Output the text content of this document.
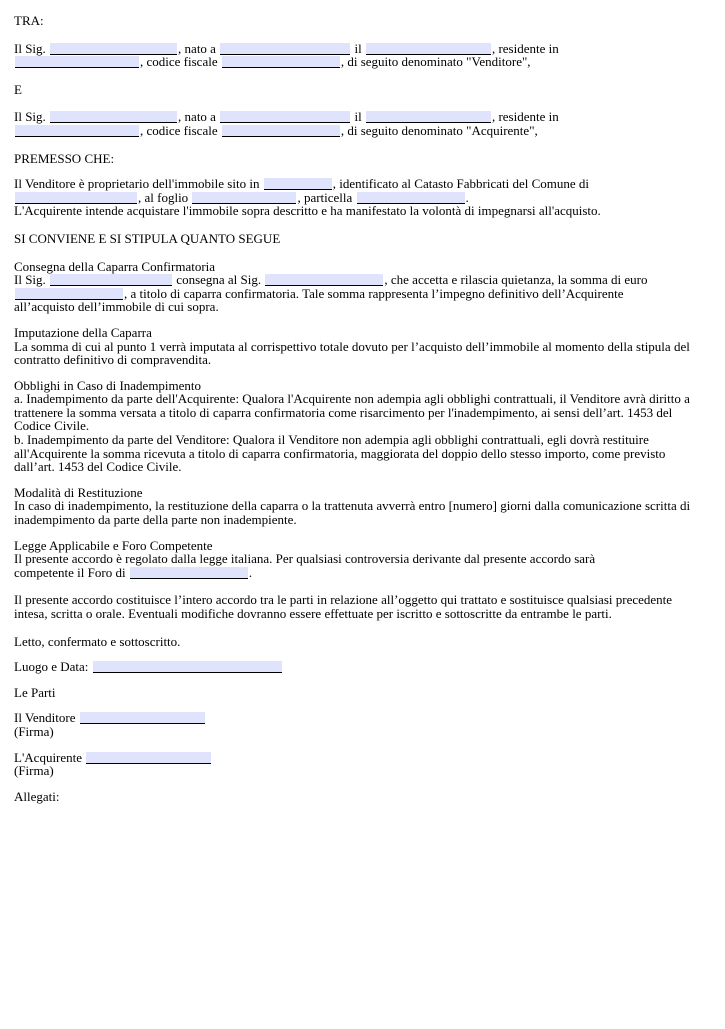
TRA:
Il Sig.	, nato a	il	, residente in
, codice fiscale	, di seguito denominato "Venditore",
E
Il Sig.	, nato a	il	, residente in
, codice fiscale	, di seguito denominato "Acquirente",
PREMESSO CHE:
Il Venditore è proprietario dell'immobile sito in	, identificato al Catasto Fabbricati del Comune di
, al foglio	, particella	.
L'Acquirente intende acquistare l'immobile sopra descritto e ha manifestato la volontà di impegnarsi all'acquisto.
SI CONVIENE E SI STIPULA QUANTO SEGUE
Consegna della Caparra Confirmatoria
Il Sig.	consegna al Sig.	, che accetta e rilascia quietanza, la somma di euro
, a titolo di caparra confirmatoria. Tale somma rappresenta l’impegno definitivo dell’Acquirente
all’acquisto dell’immobile di cui sopra.
Imputazione della Caparra
La somma di cui al punto 1 verrà imputata al corrispettivo totale dovuto per l’acquisto dell’immobile al momento della stipula del contratto definitivo di compravendita.
Obblighi in Caso di Inadempimento
a. Inadempimento da parte dell'Acquirente: Qualora l'Acquirente non adempia agli obblighi contrattuali, il Venditore avrà diritto a trattenere la somma versata a titolo di caparra confirmatoria come risarcimento per l'inadempimento, ai sensi dell’art. 1453 del Codice Civile.
b. Inadempimento da parte del Venditore: Qualora il Venditore non adempia agli obblighi contrattuali, egli dovrà restituire all'Acquirente la somma ricevuta a titolo di caparra confirmatoria, maggiorata del doppio dello stesso importo, come previsto dall’art. 1453 del Codice Civile.
Modalità di Restituzione
In caso di inadempimento, la restituzione della caparra o la trattenuta avverrà entro [numero] giorni dalla comunicazione scritta di inadempimento da parte della parte non inadempiente.
Legge Applicabile e Foro Competente
Il presente accordo è regolato dalla legge italiana. Per qualsiasi controversia derivante dal presente accordo sarà
competente il Foro di	.
Il presente accordo costituisce l’intero accordo tra le parti in relazione all’oggetto qui trattato e sostituisce qualsiasi precedente intesa, scritta o orale. Eventuali modifiche dovranno essere effettuate per iscritto e sottoscritte da entrambe le parti.
Letto, confermato e sottoscritto.
Luogo e Data:
Le Parti
Il Venditore
(Firma)
L'Acquirente
(Firma)
Allegati:
